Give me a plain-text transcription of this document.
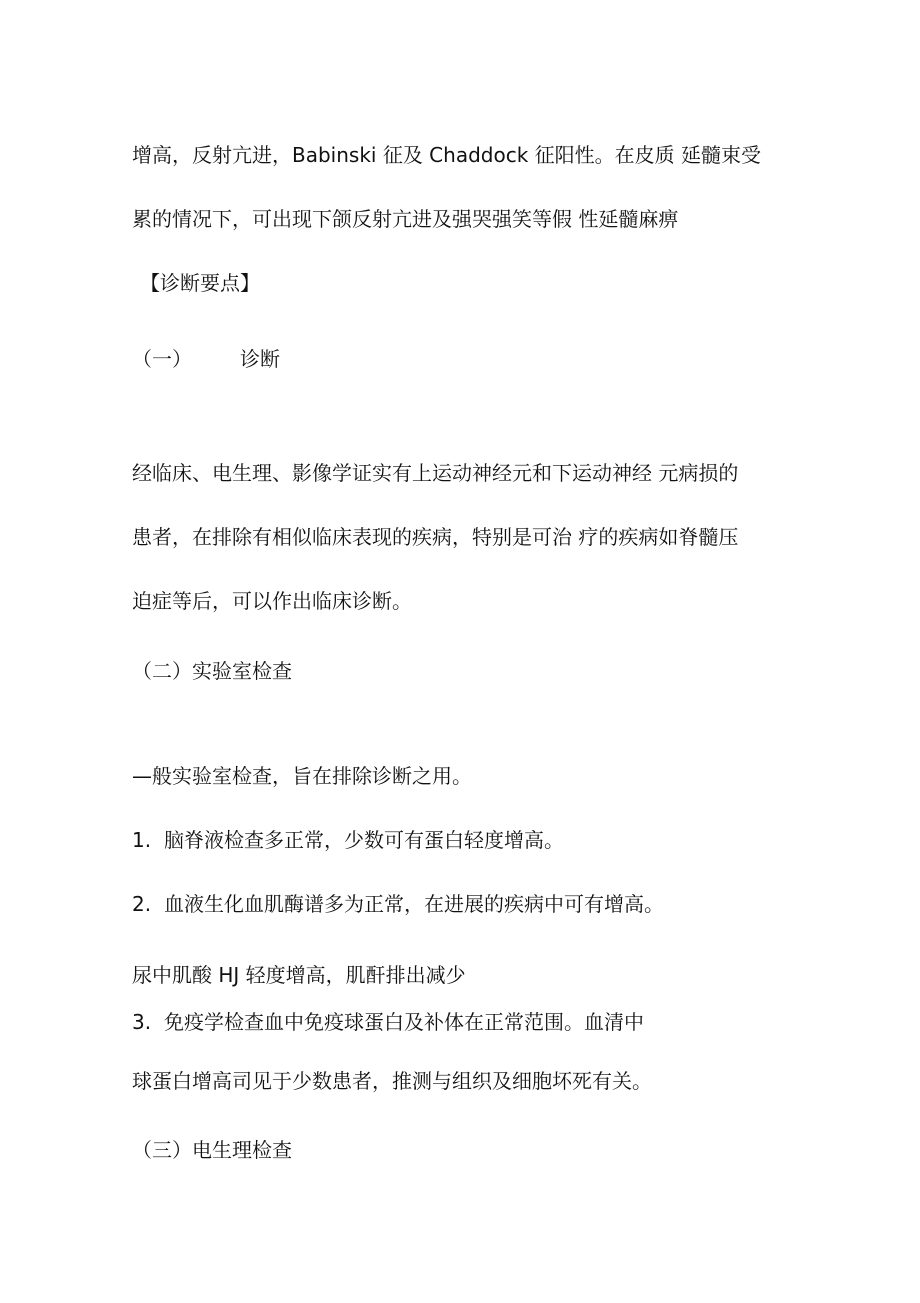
增高，反射亢进，Babinski 征及 Chaddock 征阳性。在皮质 延髓束受
累的情况下，可出现下颌反射亢进及强哭强笑等假 性延髓麻痹
【诊断要点】
（一） 诊断
经临床、电生理、影像学证实有上运动神经元和下运动神经 元病损的
患者，在排除有相似临床表现的疾病，特别是可治 疗的疾病如脊髓压
迫症等后，可以作出临床诊断。
（二）实验室检查
—般实验室检查，旨在排除诊断之用。
1. 脑脊液检查多正常，少数可有蛋白轻度增高。
2. 血液生化血肌酶谱多为正常，在进展的疾病中可有增高。
尿中肌酸 HJ 轻度增高，肌酐排出减少
3. 免疫学检查血中免疫球蛋白及补体在正常范围。血清中
球蛋白增高司见于少数患者，推测与组织及细胞坏死有关。
（三）电生理检查
